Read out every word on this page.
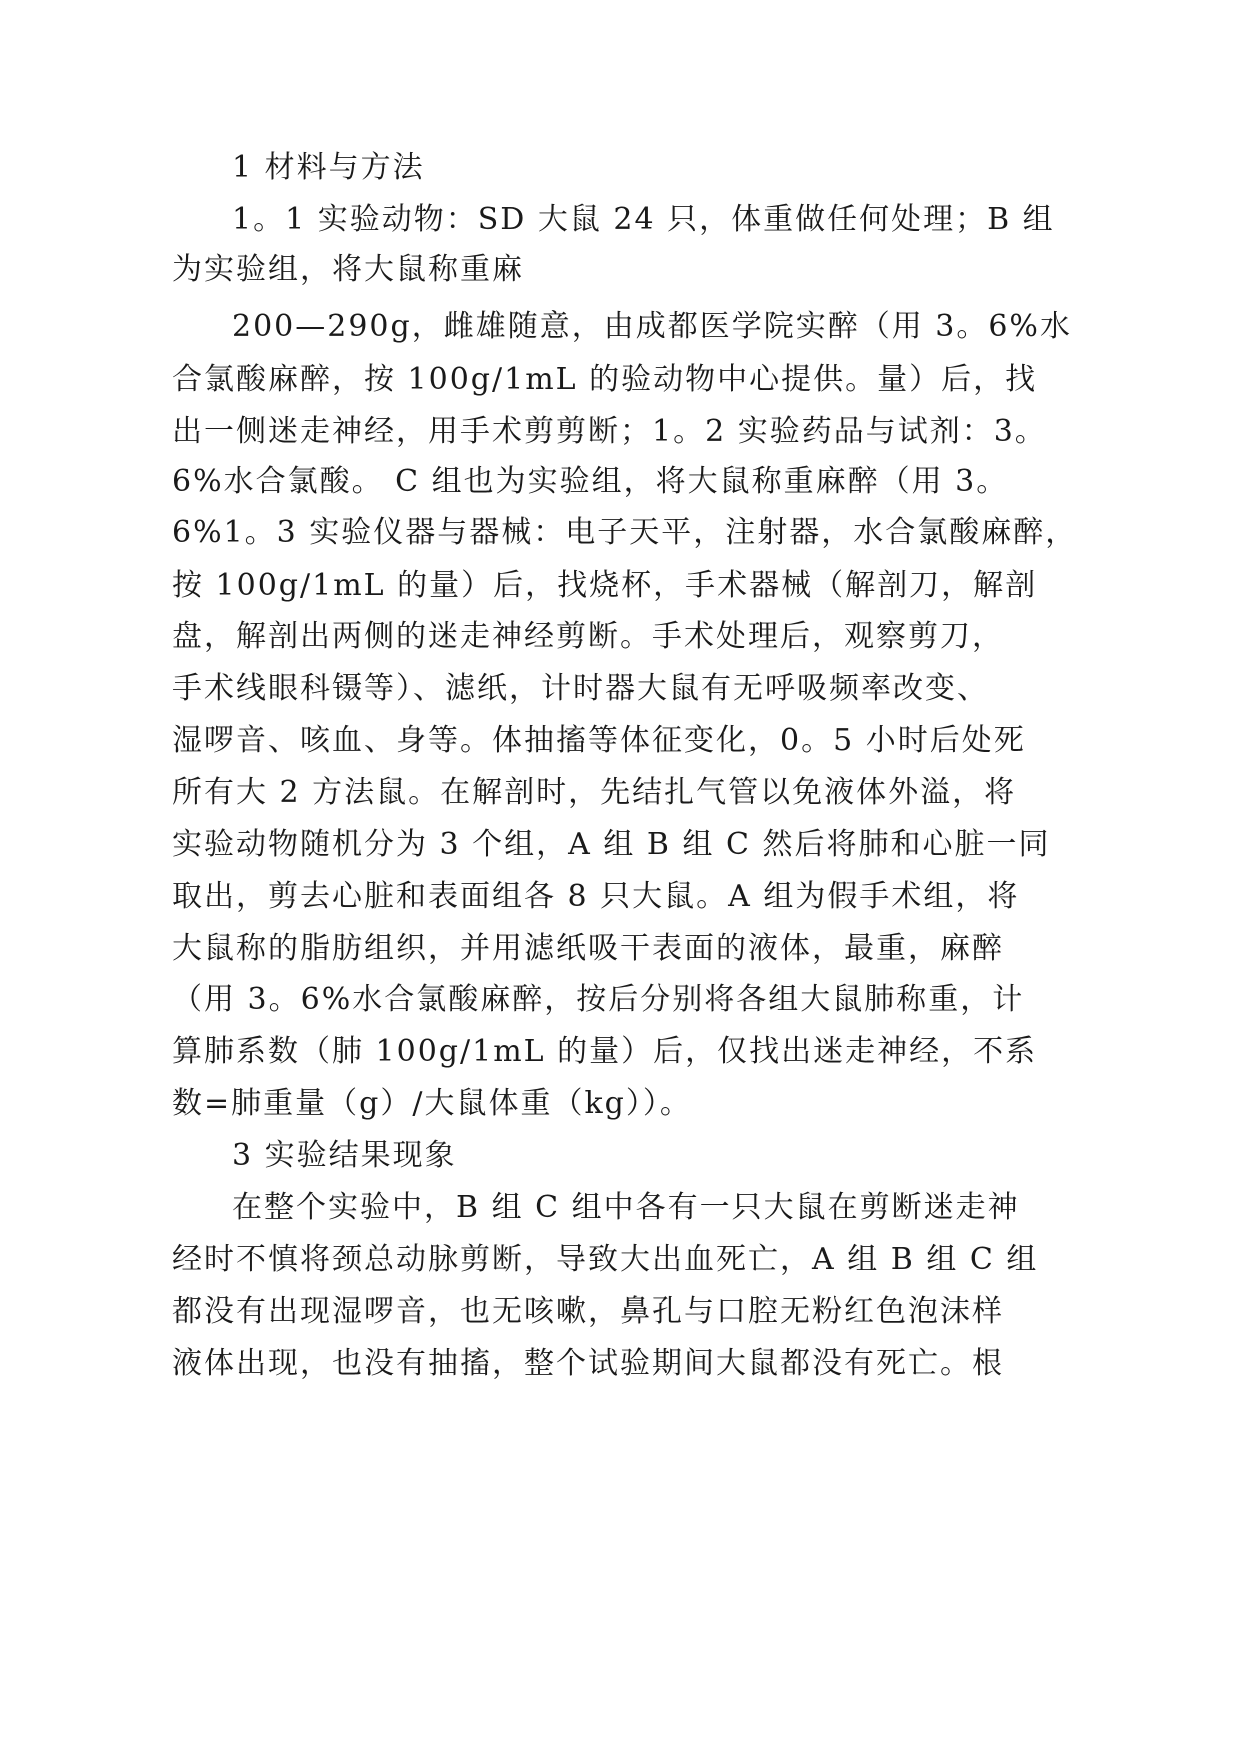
1 材料与方法
1。1 实验动物：SD 大鼠 24 只，体重做任何处理；B 组
为实验组，将大鼠称重麻
200—290g，雌雄随意，由成都医学院实醉（用 3。6%水
合氯酸麻醉，按 100g/1mL 的验动物中心提供。量）后，找
出一侧迷走神经，用手术剪剪断；1。2 实验药品与试剂：3。
6%水合氯酸。 C 组也为实验组，将大鼠称重麻醉（用 3。
6%1。3 实验仪器与器械：电子天平，注射器，水合氯酸麻醉，
按 100g/1mL 的量）后，找烧杯，手术器械（解剖刀，解剖
盘，解剖出两侧的迷走神经剪断。手术处理后，观察剪刀，
手术线眼科镊等）、滤纸，计时器大鼠有无呼吸频率改变、
湿啰音、咳血、身等。体抽搐等体征变化，0。5 小时后处死
所有大 2 方法鼠。在解剖时，先结扎气管以免液体外溢，将
实验动物随机分为 3 个组，A 组 B 组 C 然后将肺和心脏一同
取出，剪去心脏和表面组各 8 只大鼠。A 组为假手术组，将
大鼠称的脂肪组织，并用滤纸吸干表面的液体，最重，麻醉
（用 3。6%水合氯酸麻醉，按后分别将各组大鼠肺称重，计
算肺系数（肺 100g/1mL 的量）后，仅找出迷走神经，不系
数=肺重量（g）/大鼠体重（kg））。
3 实验结果现象
在整个实验中，B 组 C 组中各有一只大鼠在剪断迷走神
经时不慎将颈总动脉剪断，导致大出血死亡，A 组 B 组 C 组
都没有出现湿啰音，也无咳嗽，鼻孔与口腔无粉红色泡沫样
液体出现，也没有抽搐，整个试验期间大鼠都没有死亡。根
